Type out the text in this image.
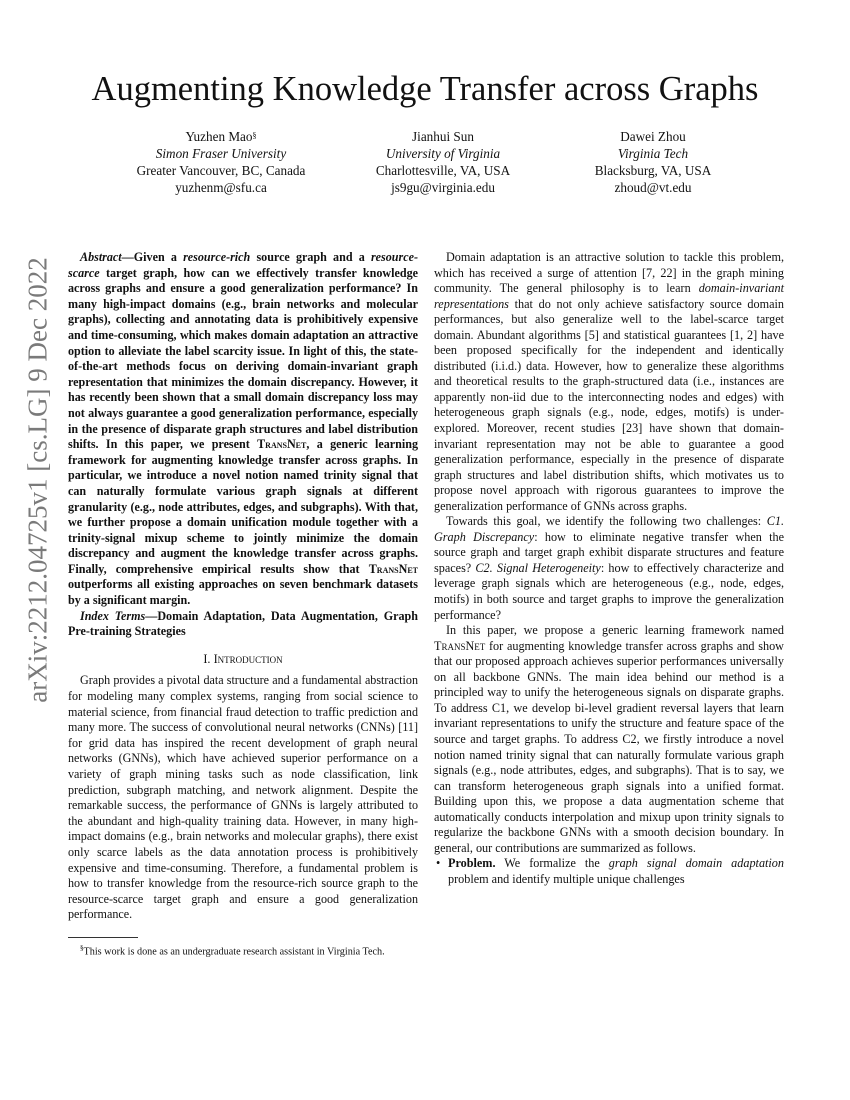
arXiv:2212.04725v1 [cs.LG] 9 Dec 2022
Augmenting Knowledge Transfer across Graphs
Yuzhen Mao§
Simon Fraser University
Greater Vancouver, BC, Canada
yuzhenm@sfu.ca
Jianhui Sun
University of Virginia
Charlottesville, VA, USA
js9gu@virginia.edu
Dawei Zhou
Virginia Tech
Blacksburg, VA, USA
zhoud@vt.edu

Abstract—Given a resource-rich source graph and a resource-scarce target graph, how can we effectively transfer knowledge across graphs and ensure a good generalization performance? In many high-impact domains (e.g., brain networks and molecular graphs), collecting and annotating data is prohibitively expensive and time-consuming, which makes domain adaptation an attractive option to alleviate the label scarcity issue. In light of this, the state-of-the-art methods focus on deriving domain-invariant graph representation that minimizes the domain discrepancy. However, it has recently been shown that a small domain discrepancy loss may not always guarantee a good generalization performance, especially in the presence of disparate graph structures and label distribution shifts. In this paper, we present TransNet, a generic learning framework for augmenting knowledge transfer across graphs. In particular, we introduce a novel notion named trinity signal that can naturally formulate various graph signals at different granularity (e.g., node attributes, edges, and subgraphs). With that, we further propose a domain unification module together with a trinity-signal mixup scheme to jointly minimize the domain discrepancy and augment the knowledge transfer across graphs. Finally, comprehensive empirical results show that TransNet outperforms all existing approaches on seven benchmark datasets by a significant margin.

Index Terms—Domain Adaptation, Data Augmentation, Graph Pre-training Strategies

I. Introduction

Graph provides a pivotal data structure and a fundamental abstraction for modeling many complex systems, ranging from social science to material science, from financial fraud detection to traffic prediction and many more. The success of convolutional neural networks (CNNs) [11] for grid data has inspired the recent development of graph neural networks (GNNs), which have achieved superior performance on a variety of graph mining tasks such as node classification, link prediction, subgraph matching, and network alignment. Despite the remarkable success, the performance of GNNs is largely attributed to the abundant and high-quality training data. However, in many high-impact domains (e.g., brain networks and molecular graphs), there exist only scarce labels as the data annotation process is prohibitively expensive and time-consuming. Therefore, a fundamental problem is how to transfer knowledge from the resource-rich source graph to the resource-scarce target graph and ensure a good generalization performance.

§This work is done as an undergraduate research assistant in Virginia Tech.

Domain adaptation is an attractive solution to tackle this problem, which has received a surge of attention [7, 22] in the graph mining community. The general philosophy is to learn domain-invariant representations that do not only achieve satisfactory source domain performances, but also generalize well to the label-scarce target domain. Abundant algorithms [5] and statistical guarantees [1, 2] have been proposed specifically for the independent and identically distributed (i.i.d.) data. However, how to generalize these algorithms and theoretical results to the graph-structured data (i.e., instances are apparently non-iid due to the interconnecting nodes and edges) with heterogeneous graph signals (e.g., node, edges, motifs) is under-explored. Moreover, recent studies [23] have shown that domain-invariant representation may not be able to guarantee a good generalization performance, especially in the presence of disparate graph structures and label distribution shifts, which motivates us to propose novel approach with rigorous guarantees to improve the generalization performance of GNNs across graphs.

Towards this goal, we identify the following two challenges: C1. Graph Discrepancy: how to eliminate negative transfer when the source graph and target graph exhibit disparate structures and feature spaces? C2. Signal Heterogeneity: how to effectively characterize and leverage graph signals which are heterogeneous (e.g., node, edges, motifs) in both source and target graphs to improve the generalization performance?

In this paper, we propose a generic learning framework named TransNet for augmenting knowledge transfer across graphs and show that our proposed approach achieves superior performances universally on all backbone GNNs. The main idea behind our method is a principled way to unify the heterogeneous signals on disparate graphs. To address C1, we develop bi-level gradient reversal layers that learn invariant representations to unify the structure and feature space of the source and target graphs. To address C2, we firstly introduce a novel notion named trinity signal that can naturally formulate various graph signals (e.g., node attributes, edges, and subgraphs). That is to say, we can transform heterogeneous graph signals into a unified format. Building upon this, we propose a data augmentation scheme that automatically conducts interpolation and mixup upon trinity signals to regularize the backbone GNNs with a smooth decision boundary. In general, our contributions are summarized as follows.

• Problem. We formalize the graph signal domain adaptation problem and identify multiple unique challenges
